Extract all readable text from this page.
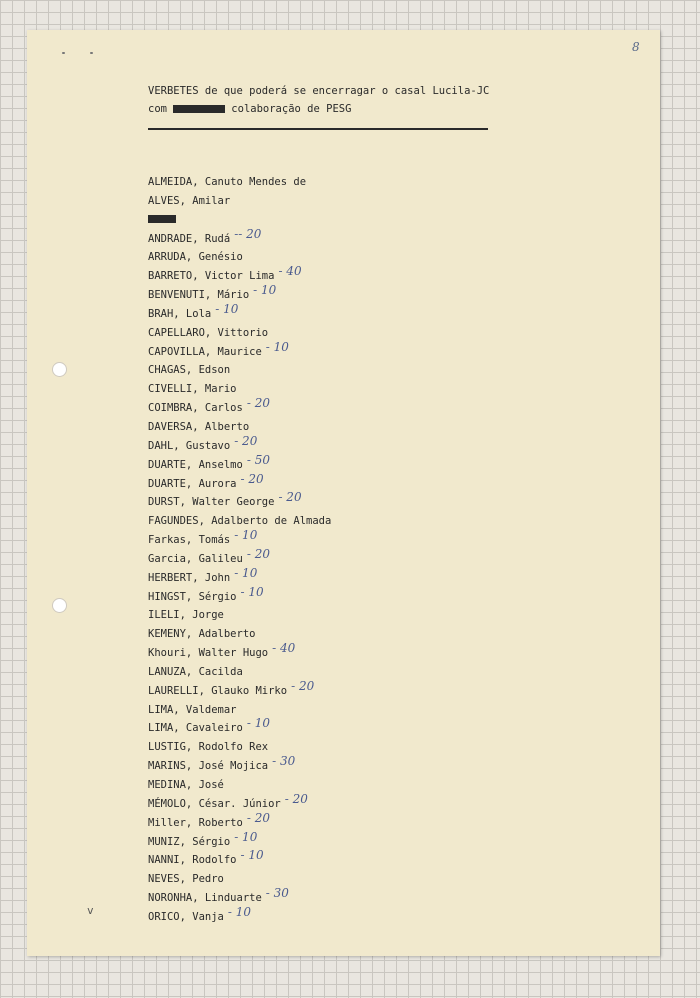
8
VERBETES de que poderá se encerragar o casal Lucila-JC
com	colaboração de PESG
ALMEIDA, Canuto Mendes de
ALVES, Amilar
ANDRADE, Rudá -- 20
ARRUDA, Genésio
BARRETO, Victor Lima - 40
BENVENUTI, Mário - 10
BRAH, Lola - 10
CAPELLARO, Vittorio
CAPOVILLA, Maurice - 10
CHAGAS, Edson
CIVELLI, Mario
COIMBRA, Carlos - 20
DAVERSA, Alberto
DAHL, Gustavo - 20
DUARTE, Anselmo - 50
DUARTE, Aurora - 20
DURST, Walter George - 20
FAGUNDES, Adalberto de Almada
Farkas, Tomás - 10
Garcia, Galileu - 20
HERBERT, John - 10
HINGST, Sérgio - 10
ILELI, Jorge
KEMENY, Adalberto
Khouri, Walter Hugo - 40
LANUZA, Cacilda
LAURELLI, Glauko Mirko - 20
LIMA, Valdemar
LIMA, Cavaleiro - 10
LUSTIG, Rodolfo Rex
MARINS, José Mojica - 30
MEDINA, José
MÉMOLO, César. Júnior - 20
Miller, Roberto - 20
MUNIZ, Sérgio - 10
NANNI, Rodolfo - 10
NEVES, Pedro
NORONHA, Linduarte - 30
ORICO, Vanja - 10
v
